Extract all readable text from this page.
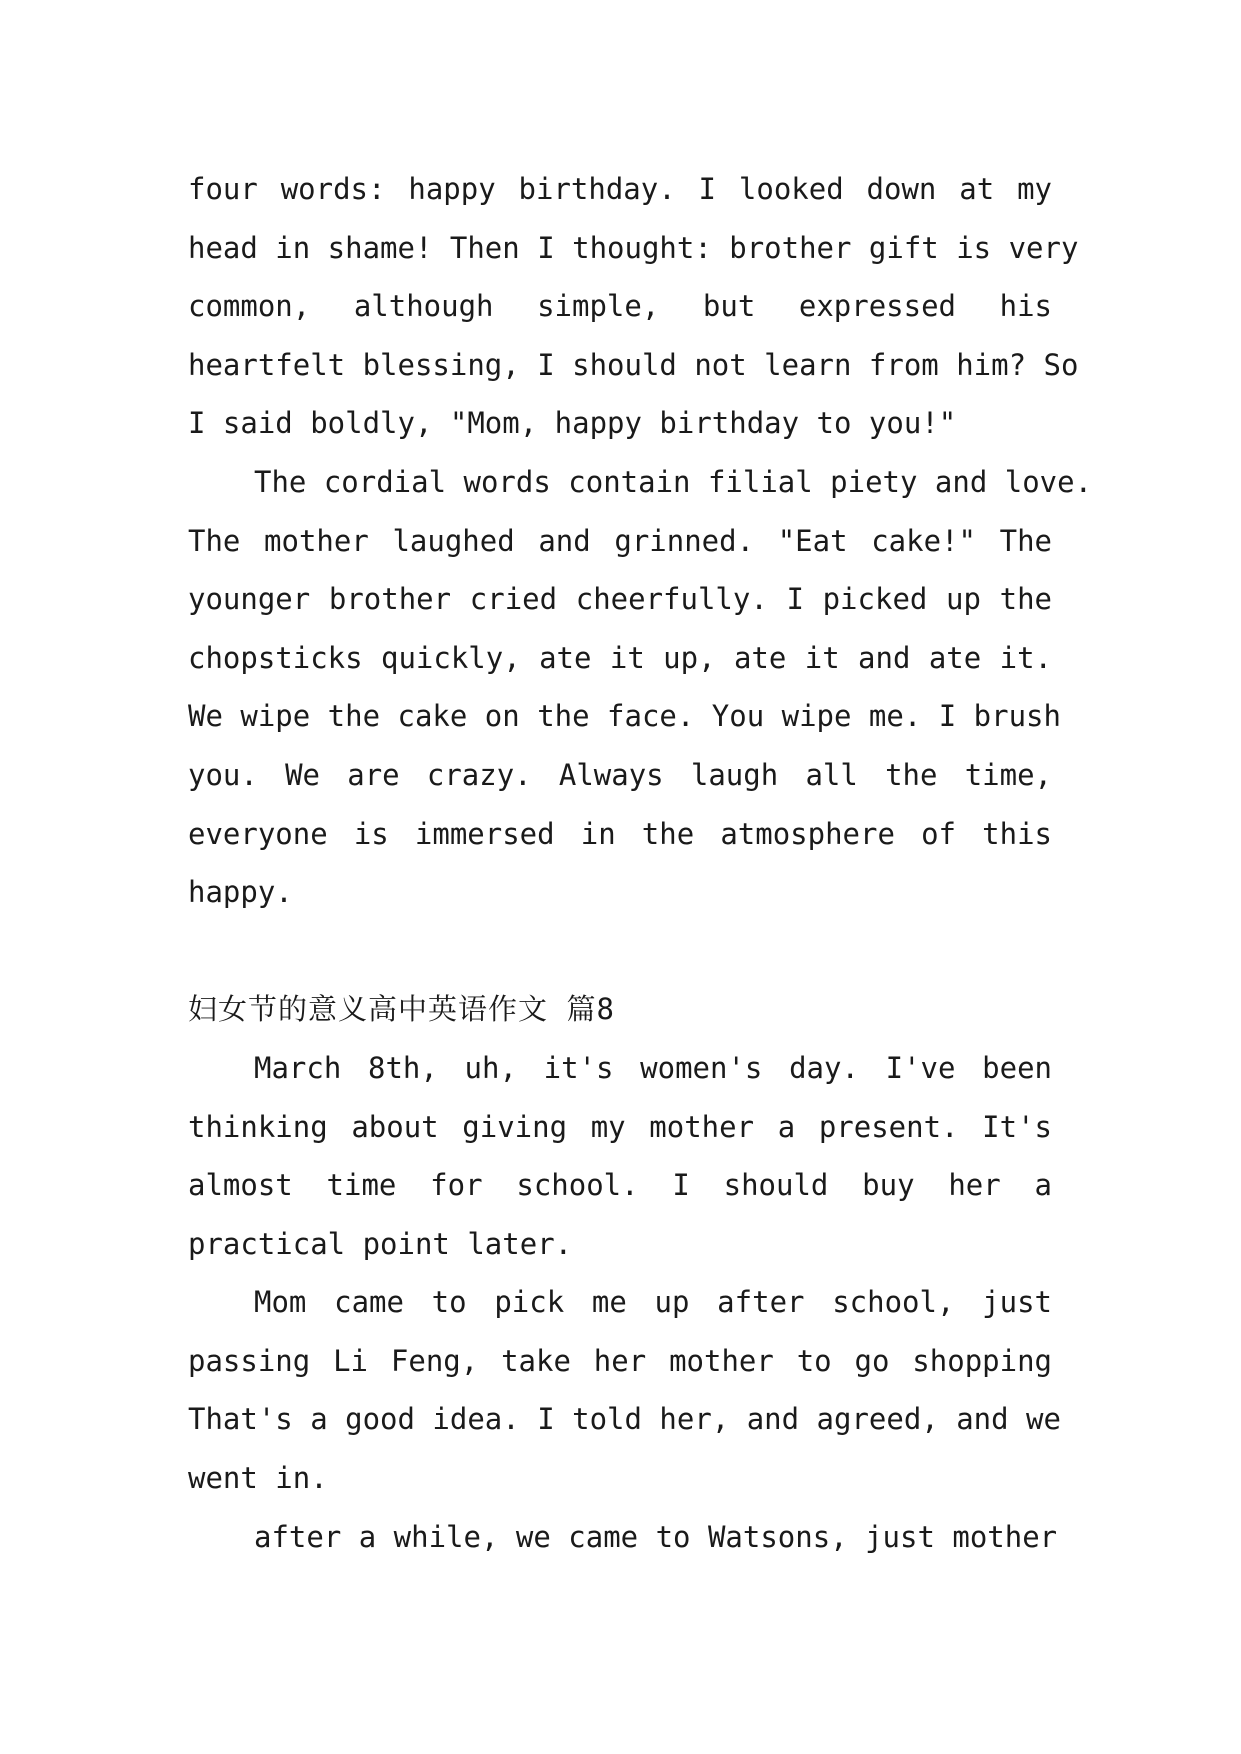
four words: happy birthday. I looked down at my
head in shame! Then I thought: brother gift is very
common, although simple, but expressed his
heartfelt blessing, I should not learn from him? So
I said boldly, "Mom, happy birthday to you!"
The cordial words contain filial piety and love.
The mother laughed and grinned. "Eat cake!" The
younger brother cried cheerfully. I picked up the
chopsticks quickly, ate it up, ate it and ate it.
We wipe the cake on the face. You wipe me. I brush
you. We are crazy. Always laugh all the time,
everyone is immersed in the atmosphere of this
happy.
妇女节的意义高中英语作文 篇8
March 8th, uh, it's women's day. I've been
thinking about giving my mother a present. It's
almost time for school. I should buy her a
practical point later.
Mom came to pick me up after school, just
passing Li Feng, take her mother to go shopping
That's a good idea. I told her, and agreed, and we
went in.
after a while, we came to Watsons, just mother
